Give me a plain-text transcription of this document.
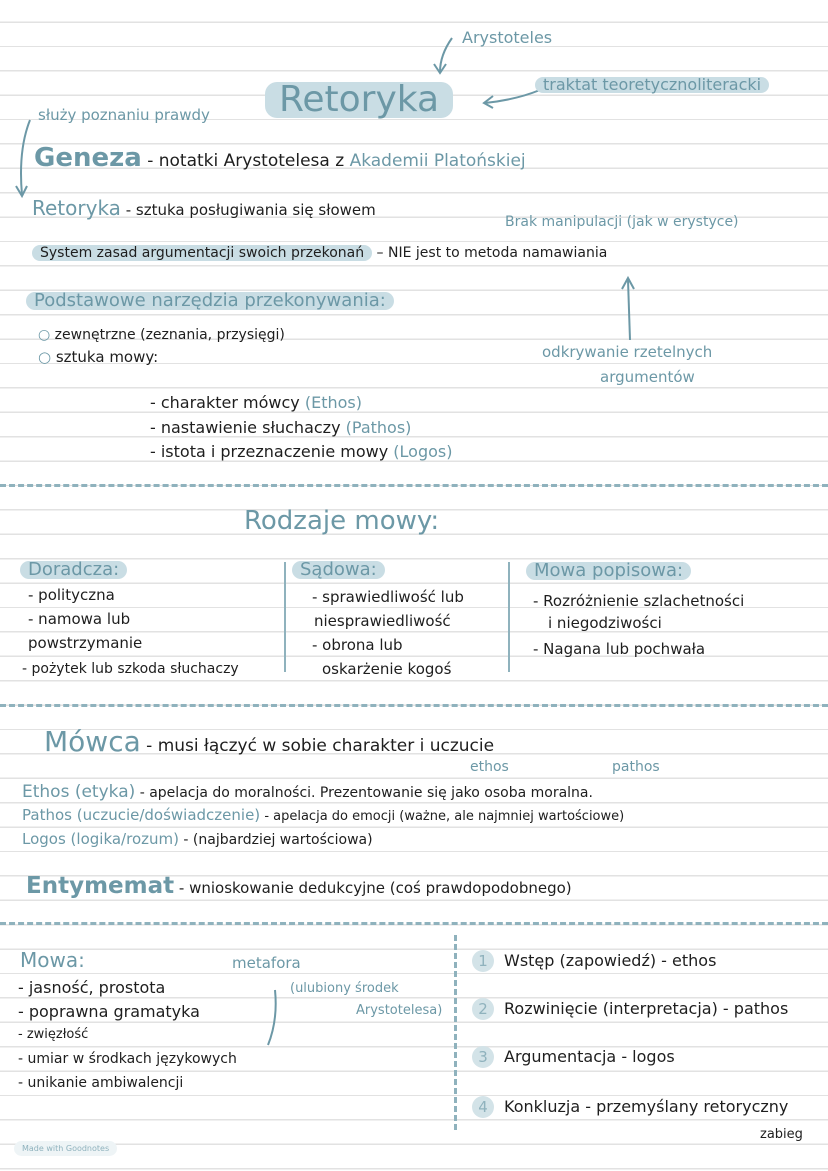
Arystoteles
Retoryka	traktat teoretycznoliteracki
służy poznaniu prawdy
Geneza - notatki Arystotelesa z Akademii Platońskiej
Retoryka - sztuka posługiwania się słowem
Brak manipulacji (jak w erystyce)
System zasad argumentacji swoich przekonań – NIE jest to metoda namawiania
Podstawowe narzędzia przekonywania:
○ zewnętrzne (zeznania, przysięgi)
○ sztuka mowy:	odkrywanie rzetelnych
argumentów
- charakter mówcy (Ethos)
- nastawienie słuchaczy (Pathos)
- istota i przeznaczenie mowy (Logos)
Rodzaje mowy:
Doradcza:
- polityczna
- namowa lub
powstrzymanie
- pożytek lub szkoda słuchaczy
Sądowa:
- sprawiedliwość lub
niesprawiedliwość
- obrona lub
oskarżenie kogoś
Mowa popisowa:
- Rozróżnienie szlachetności
i niegodziwości
- Nagana lub pochwała
Mówca - musi łączyć w sobie charakter i uczucie
ethos	pathos
Ethos (etyka) - apelacja do moralności. Prezentowanie się jako osoba moralna.
Pathos (uczucie/doświadczenie) - apelacja do emocji (ważne, ale najmniej wartościowe)
Logos (logika/rozum) - (najbardziej wartościowa)
Entymemat - wnioskowanie dedukcyjne (coś prawdopodobnego)
Mowa:	metafora
(ulubiony środek
Arystotelesa)
- jasność, prostota
- poprawna gramatyka
- zwięzłość
- umiar w środkach językowych
- unikanie ambiwalencji
1 Wstęp (zapowiedź) - ethos
2 Rozwinięcie (interpretacja) - pathos
3 Argumentacja - logos
4 Konkluzja - przemyślany retoryczny
zabieg
Made with Goodnotes
